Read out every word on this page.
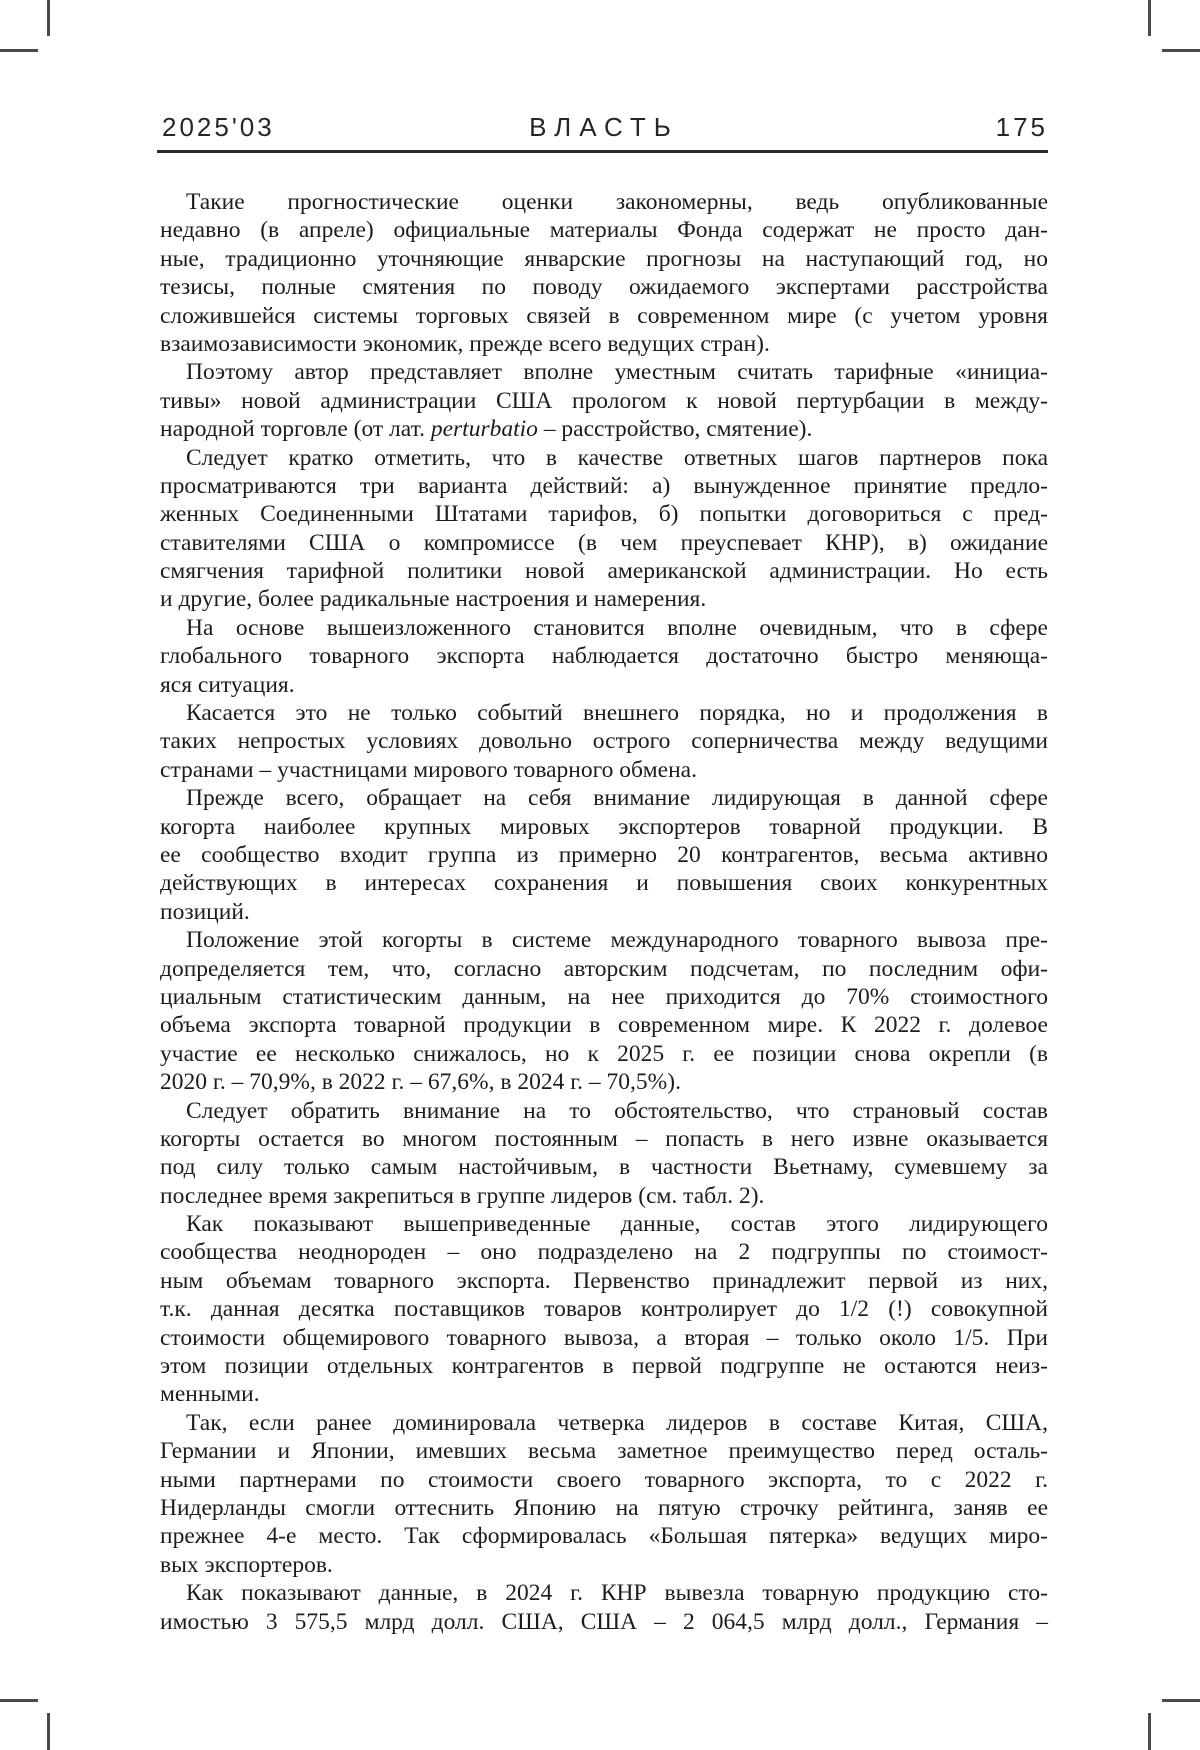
2025'03	ВЛАСТЬ	175
Такие прогностические оценки закономерны, ведь опубликованные
недавно (в апреле) официальные материалы Фонда содержат не просто дан-
ные, традиционно уточняющие январские прогнозы на наступающий год, но
тезисы, полные смятения по поводу ожидаемого экспертами расстройства
сложившейся системы торговых связей в современном мире (с учетом уровня
взаимозависимости экономик, прежде всего ведущих стран).
Поэтому автор представляет вполне уместным считать тарифные «инициа-
тивы» новой администрации США прологом к новой пертурбации в между-
народной торговле (от лат. perturbatio – расстройство, смятение).
Следует кратко отметить, что в качестве ответных шагов партнеров пока
просматриваются три варианта действий: а) вынужденное принятие предло-
женных Соединенными Штатами тарифов, б) попытки договориться с пред-
ставителями США о компромиссе (в чем преуспевает КНР), в) ожидание
смягчения тарифной политики новой американской администрации. Но есть
и другие, более радикальные настроения и намерения.
На основе вышеизложенного становится вполне очевидным, что в сфере
глобального товарного экспорта наблюдается достаточно быстро меняюща-
яся ситуация.
Касается это не только событий внешнего порядка, но и продолжения в
таких непростых условиях довольно острого соперничества между ведущими
странами – участницами мирового товарного обмена.
Прежде всего, обращает на себя внимание лидирующая в данной сфере
когорта наиболее крупных мировых экспортеров товарной продукции. В
ее сообщество входит группа из примерно 20 контрагентов, весьма активно
действующих в интересах сохранения и повышения своих конкурентных
позиций.
Положение этой когорты в системе международного товарного вывоза пре-
допределяется тем, что, согласно авторским подсчетам, по последним офи-
циальным статистическим данным, на нее приходится до 70% стоимостного
объема экспорта товарной продукции в современном мире. К 2022 г. долевое
участие ее несколько снижалось, но к 2025 г. ее позиции снова окрепли (в
2020 г. – 70,9%, в 2022 г. – 67,6%, в 2024 г. – 70,5%).
Следует обратить внимание на то обстоятельство, что страновый состав
когорты остается во многом постоянным – попасть в него извне оказывается
под силу только самым настойчивым, в частности Вьетнаму, сумевшему за
последнее время закрепиться в группе лидеров (см. табл. 2).
Как показывают вышеприведенные данные, состав этого лидирующего
сообщества неоднороден – оно подразделено на 2 подгруппы по стоимост-
ным объемам товарного экспорта. Первенство принадлежит первой из них,
т.к. данная десятка поставщиков товаров контролирует до 1/2 (!) совокупной
стоимости общемирового товарного вывоза, а вторая – только около 1/5. При
этом позиции отдельных контрагентов в первой подгруппе не остаются неиз-
менными.
Так, если ранее доминировала четверка лидеров в составе Китая, США,
Германии и Японии, имевших весьма заметное преимущество перед осталь-
ными партнерами по стоимости своего товарного экспорта, то с 2022 г.
Нидерланды смогли оттеснить Японию на пятую строчку рейтинга, заняв ее
прежнее 4-е место. Так сформировалась «Большая пятерка» ведущих миро-
вых экспортеров.
Как показывают данные, в 2024 г. КНР вывезла товарную продукцию сто-
имостью 3 575,5 млрд долл. США, США – 2 064,5 млрд долл., Германия –
